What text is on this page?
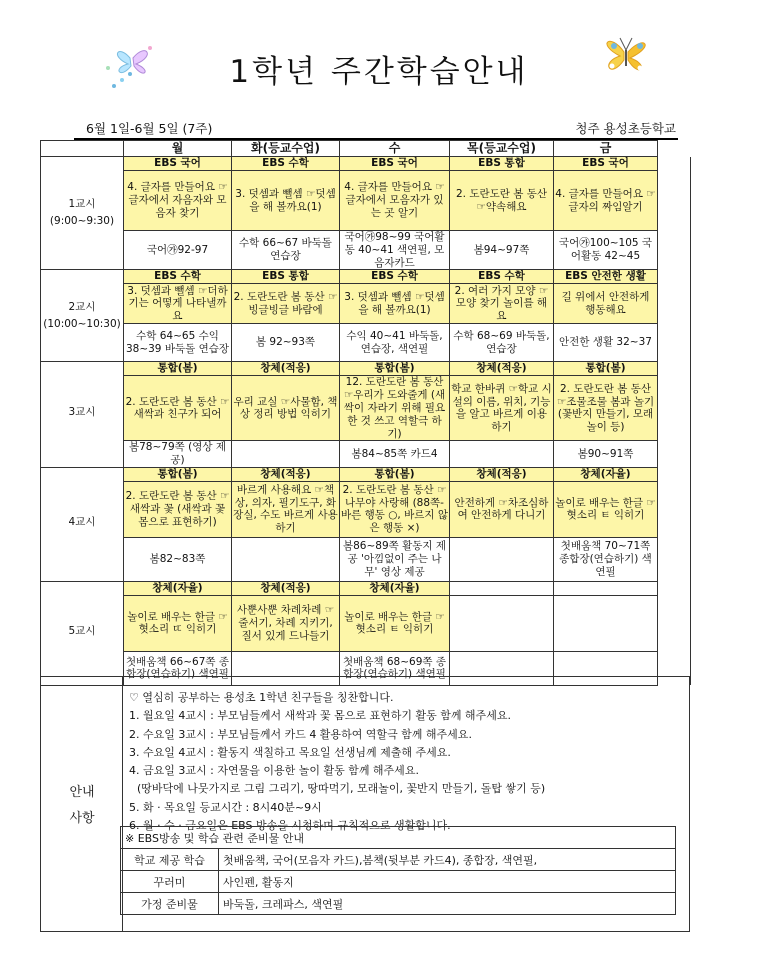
1학년 주간학습안내
6월 1일-6월 5일 (7주)	청주 용성초등학교
	월	화(등교수업)	수	목(등교수업)	금	

1교시
(9:00~9:30)	EBS 국어	EBS 수학	EBS 국어	EBS 통합	EBS 국어	
	4. 글자를 만들어요 ☞글자에서 자음자와 모음자 찾기	3. 덧셈과 뺄셈 ☞덧셈을 해 볼까요(1)	4. 글자를 만들어요 ☞글자에서 모음자가 있는 곳 알기	2. 도란도란 봄 동산 ☞약속해요	4. 글자를 만들어요 ☞글자의 짜임알기	
	국어㉮92-97	수학 66~67 바둑돌 연습장	국어㉮98~99 국어활동 40~41 색연필, 모음자카드	봄94~97쪽	국어㉮100~105 국어활동 42~45	

2교시
(10:00~10:30)	EBS 수학	EBS 통합	EBS 수학	EBS 수학	EBS 안전한 생활	
	3. 덧셈과 뺄셈 ☞더하기는 어떻게 나타낼까요	2. 도란도란 봄 동산 ☞빙글빙글 바람에	3. 덧셈과 뺄셈 ☞덧셈을 해 볼까요(1)	2. 여러 가지 모양 ☞모양 찾기 놀이를 해요	길 위에서 안전하게 행동해요	
	수학 64~65 수익 38~39 바둑돌 연습장	봄 92~93쪽	수익 40~41 바둑돌, 연습장, 색연필	수학 68~69 바둑돌, 연습장	안전한 생활 32~37	

3교시	통합(봄)	창체(적응)	통합(봄)	창체(적응)	통합(봄)	
	2. 도란도란 봄 동산 ☞새싹과 친구가 되어	우리 교실 ☞사물함, 책상 정리 방법 익히기	12. 도란도란 봄 동산 ☞우리가 도와줄게 (새싹이 자라기 위해 필요한 것 쓰고 역할극 하기)	학교 한바퀴 ☞학교 시설의 이름, 위치, 기능을 알고 바르게 이용하기	2. 도란도란 봄 동산 ☞조물조물 봄과 놀기(꽃반지 만들기, 모래놀이 등)	
	봄78~79쪽 (영상 제공)		봄84~85쪽 카드4		봄90~91쪽	

4교시	통합(봄)	창체(적응)	통합(봄)	창체(적응)	창체(자율)	
	2. 도란도란 봄 동산 ☞새싹과 꽃 (새싹과 꽃 몸으로 표현하기)	바르게 사용해요 ☞책상, 의자, 필기도구, 화장실, 수도 바르게 사용하기	2. 도란도란 봄 동산 ☞나무야 사랑해 (88쪽-바른 행동 ○, 바르지 않은 행동 ×)	안전하게 ☞차조심하여 안전하게 다니기	놀이로 배우는 한글 ☞혓소리 ㅌ 익히기	
	봄82~83쪽		봄86~89쪽 활동지 제공 '아낌없이 주는 나무' 영상 제공		첫배움책 70~71쪽 종합장(연습하기) 색연필	

5교시	창체(자율)	창체(적응)	창체(자율)			
	놀이로 배우는 한글 ☞혓소리 ㄸ 익히기	사뿐사뿐 차례차례 ☞줄서기, 차례 지키기, 질서 있게 드나들기	놀이로 배우는 한글 ☞혓소리 ㅌ 익히기			
	첫배움책 66~67쪽 종합장(연습하기) 색연필		첫배움책 68~69쪽 종합장(연습하기) 색연필			
안내
사항
♡ 열심히 공부하는 용성초 1학년 친구들을 칭찬합니다.
1. 월요일 4교시 : 부모님들께서 새싹과 꽃 몸으로 표현하기 활동 함께 해주세요.
2. 수요일 3교시 : 부모님들께서 카드 4 활용하여 역할극 함께 해주세요.
3. 수요일 4교시 : 활동지 색칠하고 목요일 선생님께 제출해 주세요.
4. 금요일 3교시 : 자연물을 이용한 놀이 활동 함께 해주세요.
(땅바닥에 나뭇가지로 그림 그리기, 땅따먹기, 모래놀이, 꽃반지 만들기, 돌탑 쌓기 등)
5. 화 · 목요일 등교시간 : 8시40분~9시
6. 월 · 수 · 금요일은 EBS 방송을 시청하며 규칙적으로 생활합니다.
※ EBS방송 및 학습 관련 준비물 안내	
학교 제공 학습	첫배움책, 국어(모음자 카드),봄책(뒷부분 카드4), 종합장, 색연필,
꾸러미	사인펜, 활동지
가정 준비물	바둑돌, 크레파스, 색연필
